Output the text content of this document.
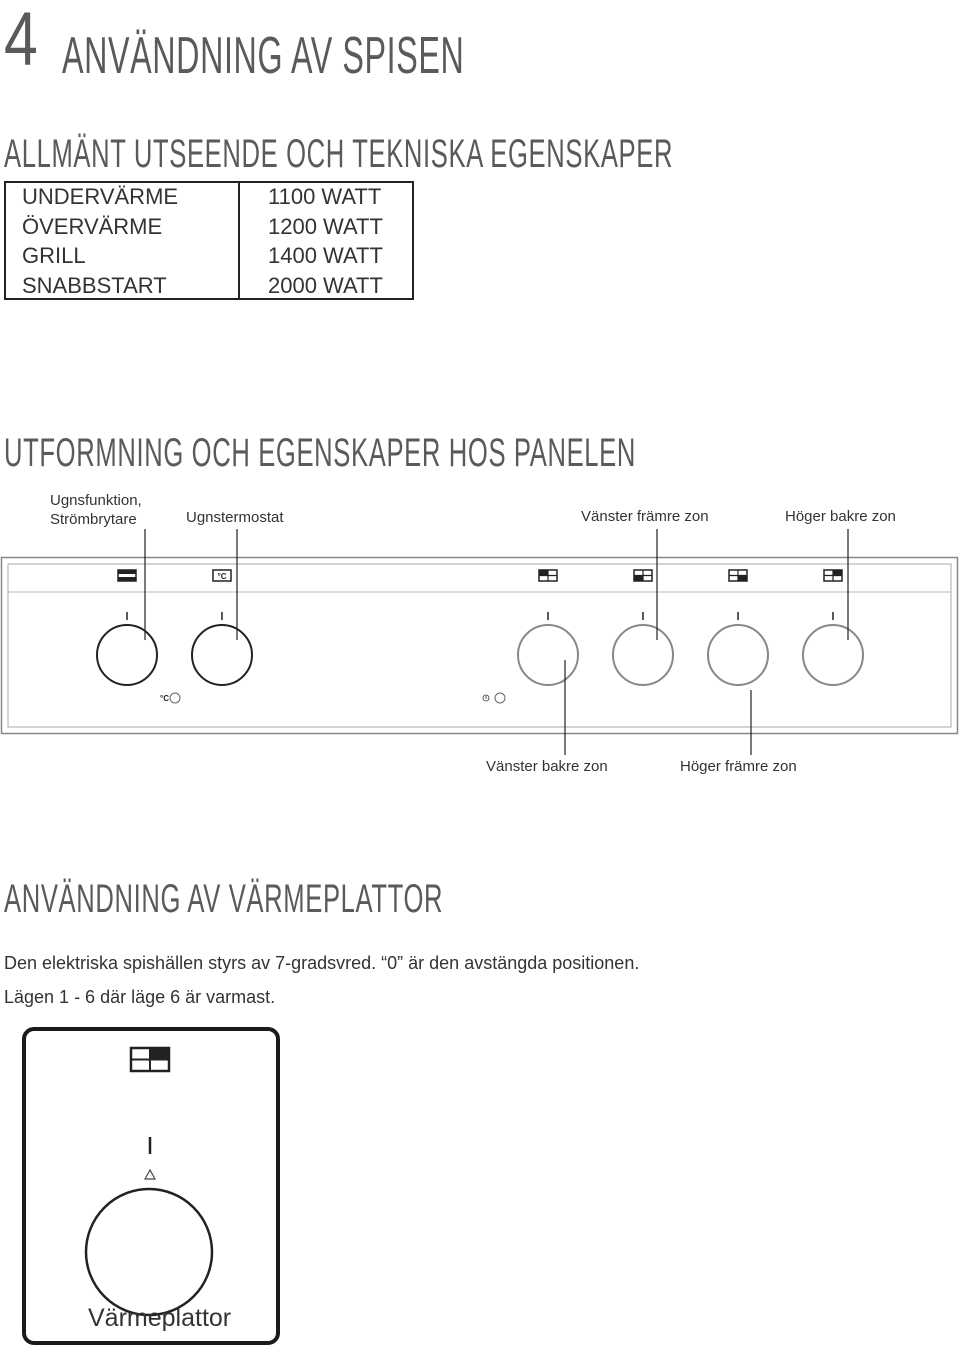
4 ANVÄNDNING AV SPISEN
ALLMÄNT UTSEENDE OCH TEKNISKA EGENSKAPER
UNDERVÄRME	1100 WATT
ÖVERVÄRME	1200 WATT
GRILL	1400 WATT
SNABBSTART	2000 WATT
UTFORMNING OCH EGENSKAPER HOS PANELEN
Ugnsfunktion,
Strömbrytare	Ugnstermostat	Vänster främre zon	Höger bakre zon
Vänster bakre zon	Höger främre zon
°C
°C
ANVÄNDNING AV VÄRMEPLATTOR
Den elektriska spishällen styrs av 7-gradsvred. “0” är den avstängda positionen.
Lägen 1 - 6 där läge 6 är varmast.
Värmeplattor
